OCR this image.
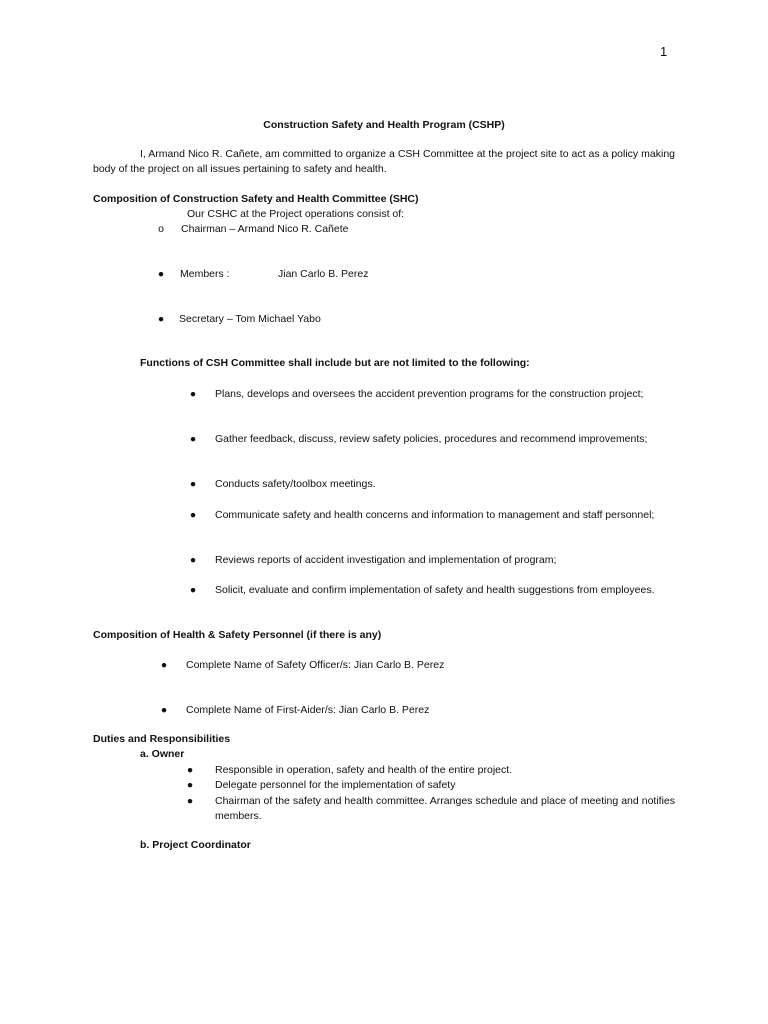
1
Construction Safety and Health Program (CSHP)
I, Armand Nico R. Cañete, am committed to organize a CSH Committee at the project site to act as a policy making body of the project on all issues pertaining to safety and health.
Composition of Construction Safety and Health Committee (SHC)
Our CSHC at the Project operations consist of:
o Chairman – Armand Nico R. Cañete
● Members :	Jian Carlo B. Perez
● Secretary – Tom Michael Yabo
Functions of CSH Committee shall include but are not limited to the following:
● Plans, develops and oversees the accident prevention programs for the construction project;
● Gather feedback, discuss, review safety policies, procedures and recommend improvements;
● Conducts safety/toolbox meetings.
● Communicate safety and health concerns and information to management and staff personnel;
● Reviews reports of accident investigation and implementation of program;
● Solicit, evaluate and confirm implementation of safety and health suggestions from employees.
Composition of Health & Safety Personnel (if there is any)
● Complete Name of Safety Officer/s: Jian Carlo B. Perez
● Complete Name of First-Aider/s: Jian Carlo B. Perez
Duties and Responsibilities
a. Owner
● Responsible in operation, safety and health of the entire project.
● Delegate personnel for the implementation of safety
● Chairman of the safety and health committee. Arranges schedule and place of meeting and notifies members.
b. Project Coordinator
